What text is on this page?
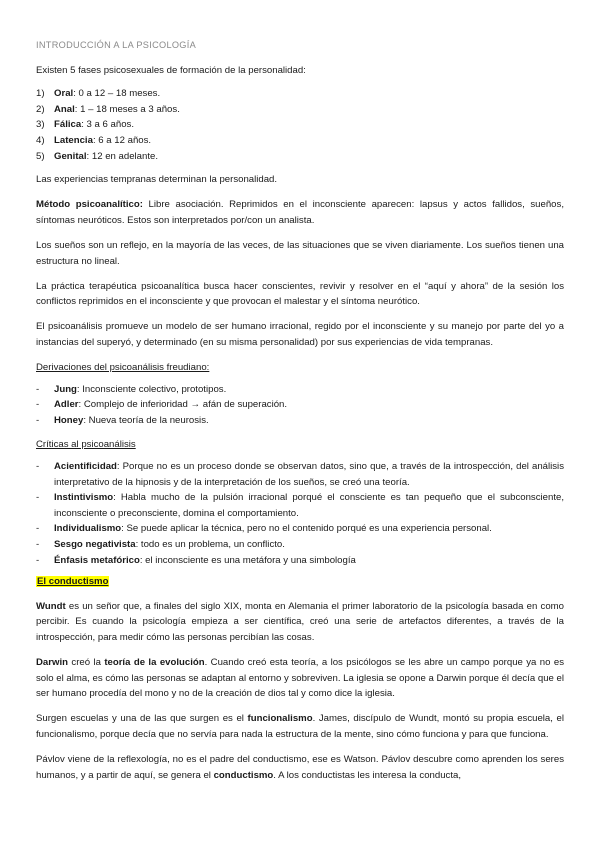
INTRODUCCIÓN A LA PSICOLOGÍA

Existen 5 fases psicosexuales de formación de la personalidad:

1) Oral: 0 a 12 – 18 meses.
2) Anal: 1 – 18 meses a 3 años.
3) Fálica: 3 a 6 años.
4) Latencia: 6 a 12 años.
5) Genital: 12 en adelante.

Las experiencias tempranas determinan la personalidad.

Método psicoanalítico: Libre asociación. Reprimidos en el inconsciente aparecen: lapsus y actos fallidos, sueños, síntomas neuróticos. Estos son interpretados por/con un analista.

Los sueños son un reflejo, en la mayoría de las veces, de las situaciones que se viven diariamente. Los sueños tienen una estructura no lineal.

La práctica terapéutica psicoanalítica busca hacer conscientes, revivir y resolver en el “aquí y ahora” de la sesión los conflictos reprimidos en el inconsciente y que provocan el malestar y el síntoma neurótico.

El psicoanálisis promueve un modelo de ser humano irracional, regido por el inconsciente y su manejo por parte del yo a instancias del superyó, y determinado (en su misma personalidad) por sus experiencias de vida tempranas.

Derivaciones del psicoanálisis freudiano:
-	Jung: Inconsciente colectivo, prototipos.
-	Adler: Complejo de inferioridad → afán de superación.
-	Honey: Nueva teoría de la neurosis.
Críticas al psicoanálisis
-	Acientificidad: Porque no es un proceso donde se observan datos, sino que, a través de la introspección, del análisis interpretativo de la hipnosis y de la interpretación de los sueños, se creó una teoría.
-	Instintivismo: Habla mucho de la pulsión irracional porqué el consciente es tan pequeño que el subconsciente, inconsciente o preconsciente, domina el comportamiento.
-	Individualismo: Se puede aplicar la técnica, pero no el contenido porqué es una experiencia personal.
-	Sesgo negativista: todo es un problema, un conflicto.
-	Énfasis metafórico: el inconsciente es una metáfora y una simbología
El conductismo

Wundt es un señor que, a finales del siglo XIX, monta en Alemania el primer laboratorio de la psicología basada en como percibir. Es cuando la psicología empieza a ser científica, creó una serie de artefactos diferentes, a través de la introspección, para medir cómo las personas percibían las cosas.

Darwin creó la teoría de la evolución. Cuando creó esta teoría, a los psicólogos se les abre un campo porque ya no es solo el alma, es cómo las personas se adaptan al entorno y sobreviven. La iglesia se opone a Darwin porque él decía que el ser humano procedía del mono y no de la creación de dios tal y como dice la iglesia.

Surgen escuelas y una de las que surgen es el funcionalismo. James, discípulo de Wundt, montó su propia escuela, el funcionalismo, porque decía que no servía para nada la estructura de la mente, sino cómo funciona y para que funciona.

Pávlov viene de la reflexología, no es el padre del conductismo, ese es Watson. Pávlov descubre como aprenden los seres humanos, y a partir de aquí, se genera el conductismo. A los conductistas les interesa la conducta,
